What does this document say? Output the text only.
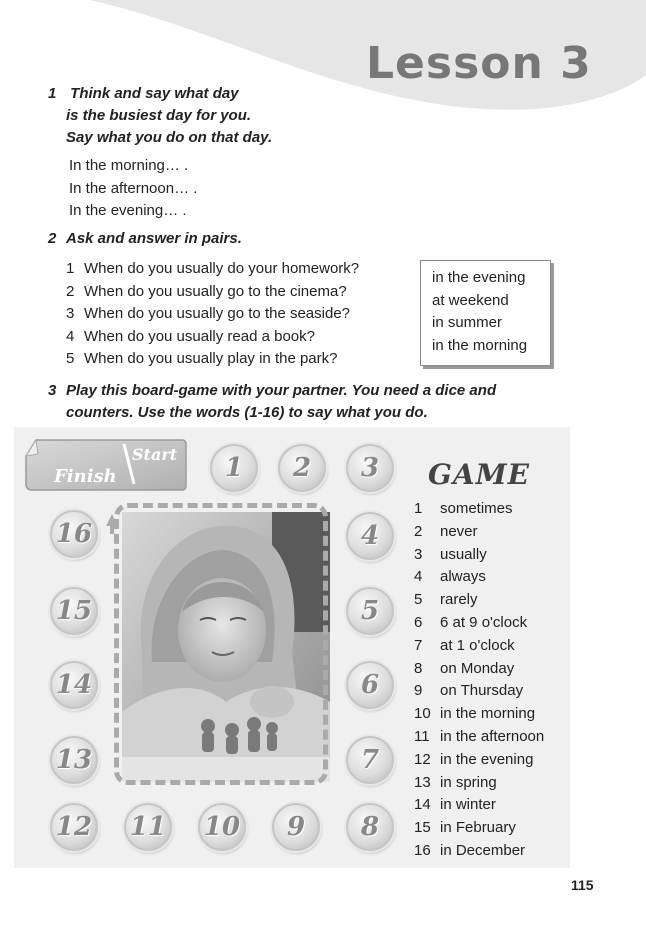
Lesson 3
1 Think and say what day
is the busiest day for you.
Say what you do on that day.
In the morning… .
In the afternoon… .
In the evening… .
2 Ask and answer in pairs.
1 When do you usually do your homework?
2 When do you usually go to the cinema?
3 When do you usually go to the seaside?
4 When do you usually read a book?
5 When do you usually play in the park?
in the evening
at weekend
in summer
in the morning
3 Play this board-game with your partner. You need a dice and
counters. Use the words (1-16) to say what you do.
Finish
Start	1	2	3
4
5
6
7
8
9
10
11
12
13
14
15
16
GAME
1 sometimes
2 never
3 usually
4 always
5 rarely
6 6 at 9 o'clock
7 at 1 o'clock
8 on Monday
9 on Thursday
10 in the morning
11 in the afternoon
12 in the evening
13 in spring
14 in winter
15 in February
16 in December
115
